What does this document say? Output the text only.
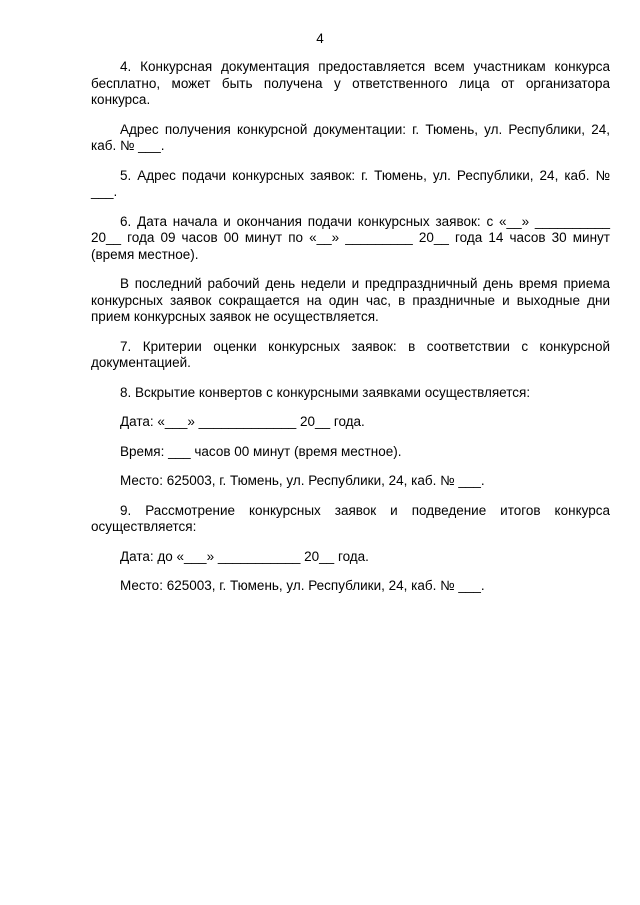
4

4. Конкурсная документация предоставляется всем участникам конкурса бесплатно, может быть получена у ответственного лица от организатора конкурса.

Адрес получения конкурсной документации: г. Тюмень, ул. Республики, 24, каб. № ___.

5. Адрес подачи конкурсных заявок: г. Тюмень, ул. Республики, 24, каб. № ___.

6. Дата начала и окончания подачи конкурсных заявок: с «__» __________ 20__ года 09 часов 00 минут по «__» _________ 20__ года 14 часов 30 минут (время местное).

В последний рабочий день недели и предпраздничный день время приема конкурсных заявок сокращается на один час, в праздничные и выходные дни прием конкурсных заявок не осуществляется.

7. Критерии оценки конкурсных заявок: в соответствии с конкурсной документацией.

8. Вскрытие конвертов с конкурсными заявками осуществляется:

Дата: «___» _____________ 20__ года.

Время: ___ часов 00 минут (время местное).

Место: 625003, г. Тюмень, ул. Республики, 24, каб. № ___.

9. Рассмотрение конкурсных заявок и подведение итогов конкурса осуществляется:

Дата: до «___» ___________ 20__ года.

Место: 625003, г. Тюмень, ул. Республики, 24, каб. № ___.
